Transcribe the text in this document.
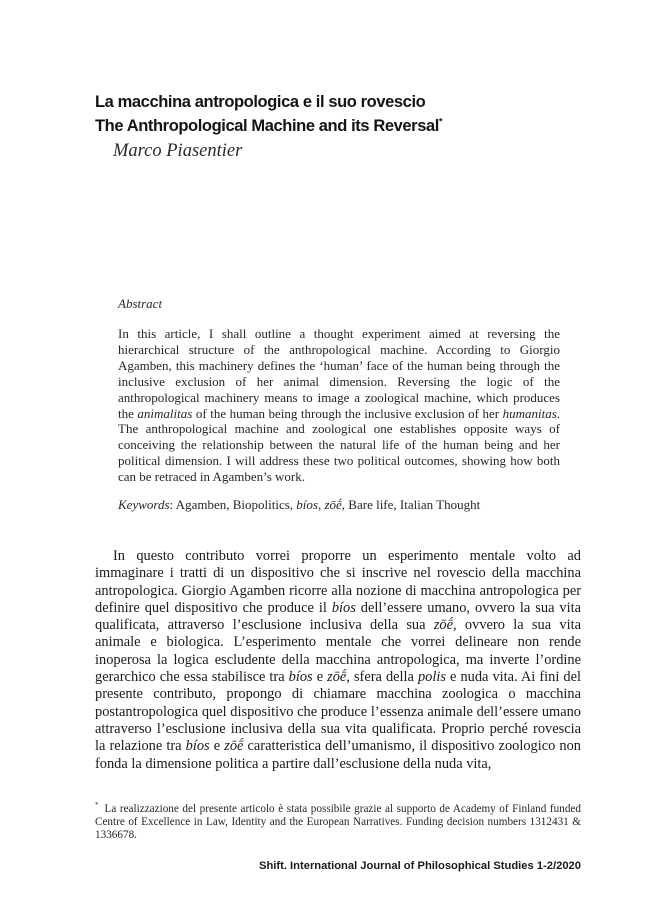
La macchina antropologica e il suo rovescio
The Anthropological Machine and its Reversal*
Marco Piasentier
Abstract

In this article, I shall outline a thought experiment aimed at reversing the hierarchical structure of the anthropological machine. According to Giorgio Agamben, this machinery defines the ‘human’ face of the human being through the inclusive exclusion of her animal dimension. Reversing the logic of the anthropological machinery means to image a zoological machine, which produces the animalitas of the human being through the inclusive exclusion of her humanitas. The anthropological machine and zoological one establishes opposite ways of conceiving the relationship between the natural life of the human being and her political dimension. I will address these two political outcomes, showing how both can be retraced in Agamben’s work.

Keywords: Agamben, Biopolitics, bíos, zōḗ, Bare life, Italian Thought

In questo contributo vorrei proporre un esperimento mentale volto ad immaginare i tratti di un dispositivo che si inscrive nel rovescio della macchina antropologica. Giorgio Agamben ricorre alla nozione di macchina antropologica per definire quel dispositivo che produce il bíos dell’essere umano, ovvero la sua vita qualificata, attraverso l’esclusione inclusiva della sua zōḗ, ovvero la sua vita animale e biologica. L’esperimento mentale che vorrei delineare non rende inoperosa la logica escludente della macchina antropologica, ma inverte l’ordine gerarchico che essa stabilisce tra bíos e zōḗ, sfera della polis e nuda vita. Ai fini del presente contributo, propongo di chiamare macchina zoologica o macchina postantropologica quel dispositivo che produce l’essenza animale dell’essere umano attraverso l’esclusione inclusiva della sua vita qualificata. Proprio perché rovescia la relazione tra bíos e zōḗ caratteristica dell’umanismo, il dispositivo zoologico non fonda la dimensione politica a partire dall’esclusione della nuda vita,

* La realizzazione del presente articolo è stata possibile grazie al supporto de Academy of Finland funded Centre of Excellence in Law, Identity and the European Narratives. Funding decision numbers 1312431 & 1336678.

Shift. International Journal of Philosophical Studies 1-2/2020
